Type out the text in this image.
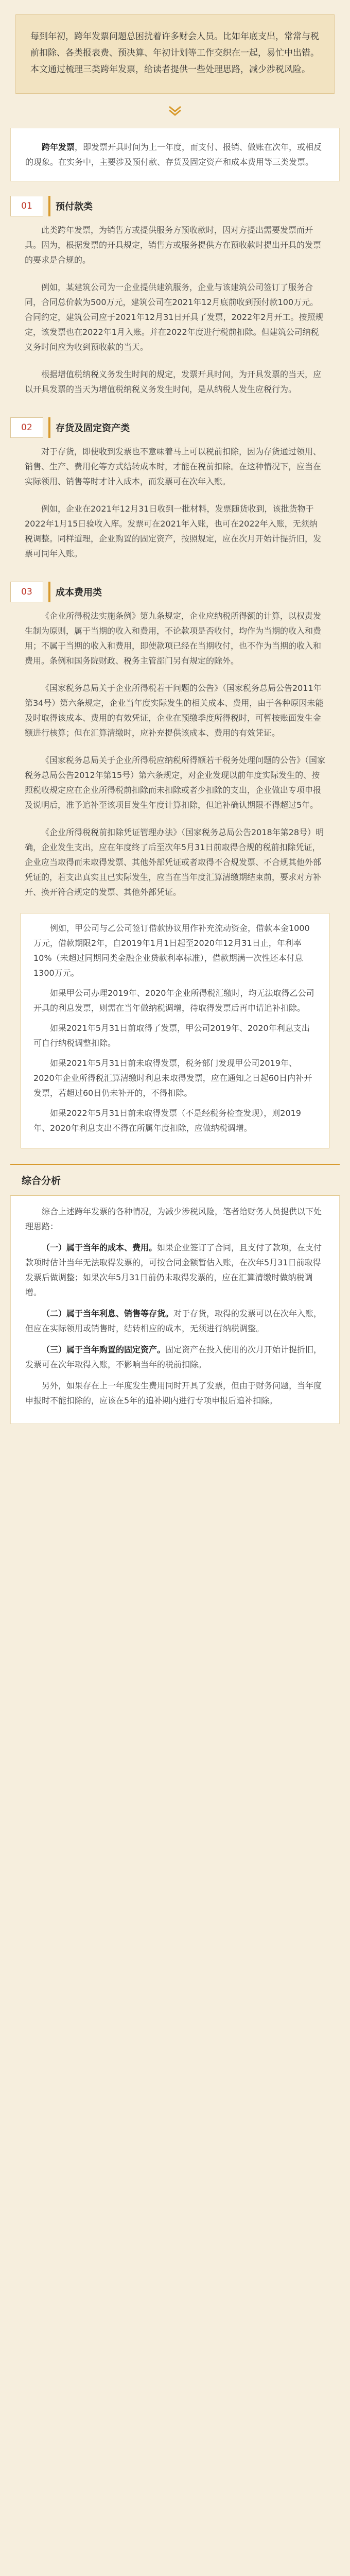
每到年初，跨年发票问题总困扰着许多财会人员。比如年底支出，常常与税前扣除、各类报表费、预决算、年初计划等工作交织在一起，易忙中出错。本文通过梳理三类跨年发票，给读者提供一些处理思路，减少涉税风险。
跨年发票，即发票开具时间为上一年度，而支付、报销、做账在次年，或相反的现象。在实务中，主要涉及预付款、存货及固定资产和成本费用等三类发票。
01	预付款类
此类跨年发票，为销售方或提供服务方预收款时，因对方提出需要发票而开具。因为，根据发票的开具规定，销售方或服务提供方在预收款时提出开具的发票的要求是合规的。
例如，某建筑公司为一企业提供建筑服务，企业与该建筑公司签订了服务合同，合同总价款为500万元，建筑公司在2021年12月底前收到预付款100万元。合同约定，建筑公司应于2021年12月31日开具了发票，2022年2月开工。按照规定，该发票也在2022年1月入账。并在2022年度进行税前扣除。但建筑公司纳税义务时间应为收到预收款的当天。
根据增值税纳税义务发生时间的规定，发票开具时间，为开具发票的当天，应以开具发票的当天为增值税纳税义务发生时间，是从纳税人发生应税行为。
02	存货及固定资产类
对于存货，即使收到发票也不意味着马上可以税前扣除，因为存货通过领用、销售、生产、费用化等方式结转成本时，才能在税前扣除。在这种情况下，应当在实际领用、销售等时才计入成本，而发票可在次年入账。
例如，企业在2021年12月31日收到一批材料，发票随货收到，该批货物于2022年1月15日验收入库。发票可在2021年入账，也可在2022年入账，无须纳税调整。同样道理，企业购置的固定资产，按照规定，应在次月开始计提折旧，发票可同年入账。
03	成本费用类
《企业所得税法实施条例》第九条规定，企业应纳税所得额的计算，以权责发生制为原则，属于当期的收入和费用，不论款项是否收付，均作为当期的收入和费用；不属于当期的收入和费用，即使款项已经在当期收付，也不作为当期的收入和费用。条例和国务院财政、税务主管部门另有规定的除外。
《国家税务总局关于企业所得税若干问题的公告》（国家税务总局公告2011年第34号）第六条规定，企业当年度实际发生的相关成本、费用，由于各种原因未能及时取得该成本、费用的有效凭证，企业在预缴季度所得税时，可暂按账面发生金额进行核算；但在汇算清缴时，应补充提供该成本、费用的有效凭证。
《国家税务总局关于企业所得税应纳税所得额若干税务处理问题的公告》（国家税务总局公告2012年第15号）第六条规定，对企业发现以前年度实际发生的、按照税收规定应在企业所得税前扣除而未扣除或者少扣除的支出，企业做出专项申报及说明后，准予追补至该项目发生年度计算扣除，但追补确认期限不得超过5年。
《企业所得税税前扣除凭证管理办法》（国家税务总局公告2018年第28号）明确，企业发生支出，应在年度终了后至次年5月31日前取得合规的税前扣除凭证，企业应当取得而未取得发票、其他外部凭证或者取得不合规发票、不合规其他外部凭证的，若支出真实且已实际发生，应当在当年度汇算清缴期结束前，要求对方补开、换开符合规定的发票、其他外部凭证。

例如，甲公司与乙公司签订借款协议用作补充流动资金，借款本金1000万元，借款期限2年，自2019年1月1日起至2020年12月31日止，年利率10%（未超过同期同类金融企业贷款利率标准），借款期满一次性还本付息1300万元。

如果甲公司办理2019年、2020年企业所得税汇缴时，均无法取得乙公司开具的利息发票，则需在当年做纳税调增，待取得发票后再申请追补扣除。

如果2021年5月31日前取得了发票，甲公司2019年、2020年利息支出可自行纳税调整扣除。

如果2021年5月31日前未取得发票，税务部门发现甲公司2019年、2020年企业所得税汇算清缴时利息未取得发票，应在通知之日起60日内补开发票，若超过60日仍未补开的，不得扣除。

如果2022年5月31日前未取得发票（不是经税务检查发现），则2019年、2020年利息支出不得在所属年度扣除，应做纳税调增。

综合分析

综合上述跨年发票的各种情况，为减少涉税风险，笔者给财务人员提供以下处理思路：

（一）属于当年的成本、费用。如果企业签订了合同，且支付了款项，在支付款项时估计当年无法取得发票的，可按合同金额暂估入账，在次年5月31日前取得发票后做调整；如果次年5月31日前仍未取得发票的，应在汇算清缴时做纳税调增。

（二）属于当年利息、销售等存货。对于存货，取得的发票可以在次年入账，但应在实际领用或销售时，结转相应的成本，无须进行纳税调整。

（三）属于当年购置的固定资产。固定资产在投入使用的次月开始计提折旧，发票可在次年取得入账，不影响当年的税前扣除。

另外，如果存在上一年度发生费用同时开具了发票，但由于财务问题，当年度申报时不能扣除的，应该在5年的追补期内进行专项申报后追补扣除。
